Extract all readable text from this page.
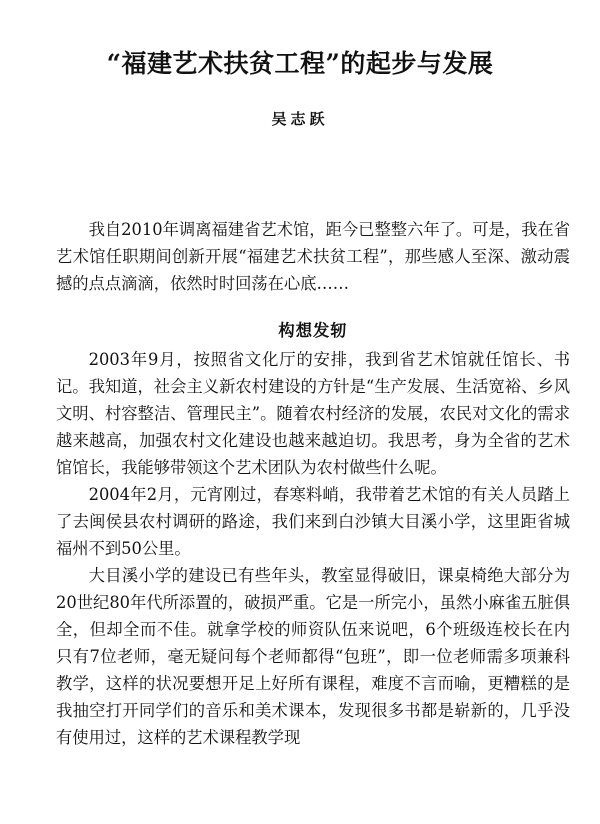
“福建艺术扶贫工程”的起步与发展
吴志跃

我自2010年调离福建省艺术馆，距今已整整六年了。可是，我在省艺术馆任职期间创新开展“福建艺术扶贫工程”，那些感人至深、激动震撼的点点滴滴，依然时时回荡在心底……

构想发轫

2003年9月，按照省文化厅的安排，我到省艺术馆就任馆长、书记。我知道，社会主义新农村建设的方针是“生产发展、生活宽裕、乡风文明、村容整洁、管理民主”。随着农村经济的发展，农民对文化的需求越来越高，加强农村文化建设也越来越迫切。我思考，身为全省的艺术馆馆长，我能够带领这个艺术团队为农村做些什么呢。

2004年2月，元宵刚过，春寒料峭，我带着艺术馆的有关人员踏上了去闽侯县农村调研的路途，我们来到白沙镇大目溪小学，这里距省城福州不到50公里。

大目溪小学的建设已有些年头，教室显得破旧，课桌椅绝大部分为20世纪80年代所添置的，破损严重。它是一所完小，虽然小麻雀五脏俱全，但却全而不佳。就拿学校的师资队伍来说吧，6个班级连校长在内只有7位老师，毫无疑问每个老师都得“包班”，即一位老师需多项兼科教学，这样的状况要想开足上好所有课程，难度不言而喻，更糟糕的是我抽空打开同学们的音乐和美术课本，发现很多书都是崭新的，几乎没有使用过，这样的艺术课程教学现
